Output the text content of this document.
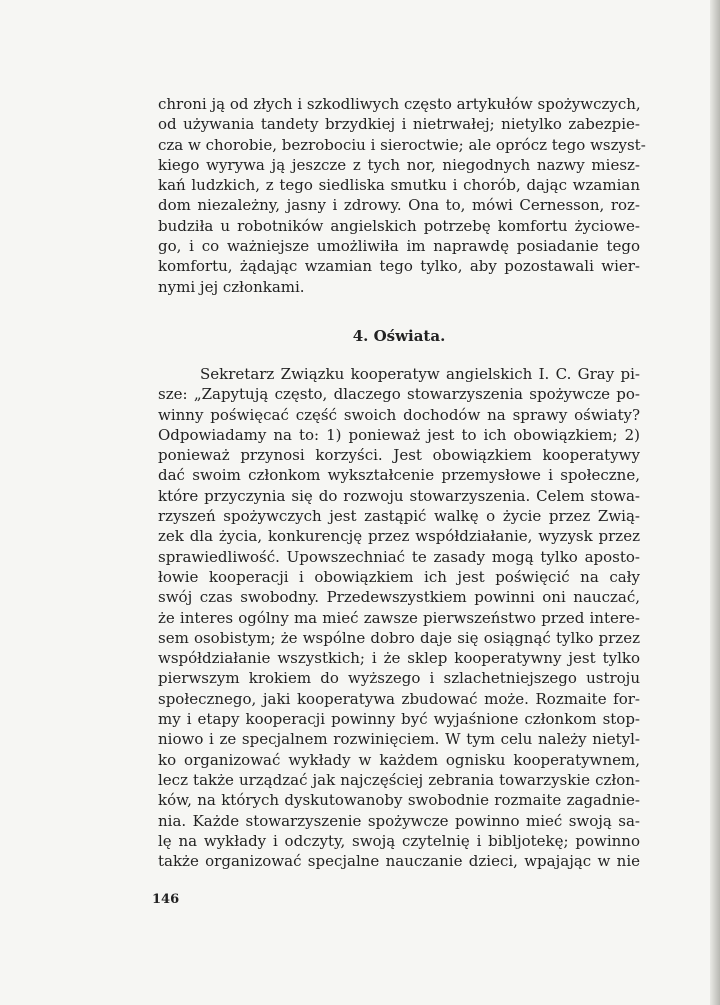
chroni ją od złych i szkodliwych często artykułów spożywczych,
od używania tandety brzydkiej i nietrwałej; nietylko zabezpie-
cza w chorobie, bezrobociu i sieroctwie; ale oprócz tego wszyst-
kiego wyrywa ją jeszcze z tych nor, niegodnych nazwy miesz-
kań ludzkich, z tego siedliska smutku i chorób, dając wzamian
dom niezależny, jasny i zdrowy. Ona to, mówi Cernesson, roz-
budziła u robotników angielskich potrzebę komfortu życiowe-
go, i co ważniejsze umożliwiła im naprawdę posiadanie tego
komfortu, żądając wzamian tego tylko, aby pozostawali wier-
nymi jej członkami.

4. Oświata.

Sekretarz Związku kooperatyw angielskich I. C. Gray pi-
sze: „Zapytują często, dlaczego stowarzyszenia spożywcze po-
winny poświęcać część swoich dochodów na sprawy oświaty?
Odpowiadamy na to: 1) ponieważ jest to ich obowiązkiem; 2)
ponieważ przynosi korzyści. Jest obowiązkiem kooperatywy
dać swoim członkom wykształcenie przemysłowe i społeczne,
które przyczynia się do rozwoju stowarzyszenia. Celem stowa-
rzyszeń spożywczych jest zastąpić walkę o życie przez Zwią-
zek dla życia, konkurencję przez współdziałanie, wyzysk przez
sprawiedliwość. Upowszechniać te zasady mogą tylko aposto-
łowie kooperacji i obowiązkiem ich jest poświęcić na cały
swój czas swobodny. Przedewszystkiem powinni oni nauczać,
że interes ogólny ma mieć zawsze pierwszeństwo przed intere-
sem osobistym; że wspólne dobro daje się osiągnąć tylko przez
współdziałanie wszystkich; i że sklep kooperatywny jest tylko
pierwszym krokiem do wyższego i szlachetniejszego ustroju
społecznego, jaki kooperatywa zbudować może. Rozmaite for-
my i etapy kooperacji powinny być wyjaśnione członkom stop-
niowo i ze specjalnem rozwinięciem. W tym celu należy nietyl-
ko organizować wykłady w każdem ognisku kooperatywnem,
lecz także urządzać jak najczęściej zebrania towarzyskie człon-
ków, na których dyskutowanoby swobodnie rozmaite zagadnie-
nia. Każde stowarzyszenie spożywcze powinno mieć swoją sa-
lę na wykłady i odczyty, swoją czytelnię i bibljotekę; powinno
także organizować specjalne nauczanie dzieci, wpajając w nie

146
